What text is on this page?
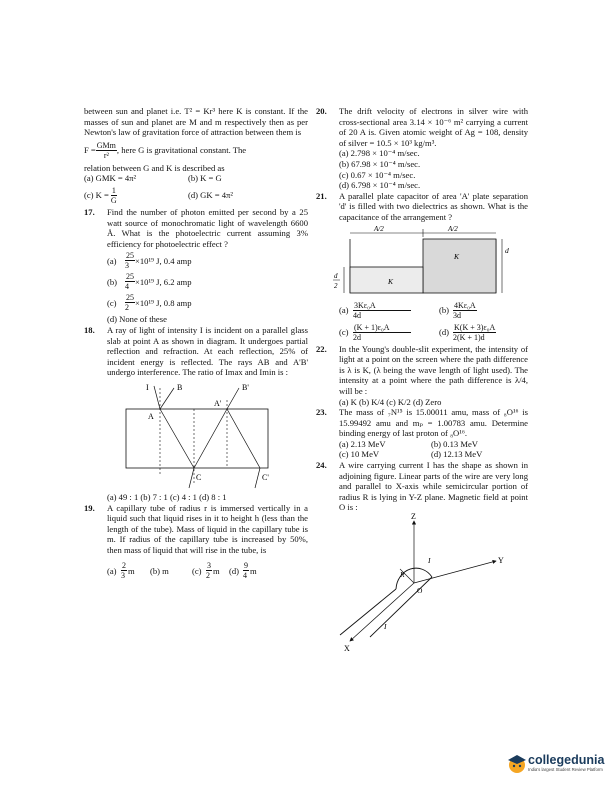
between sun and planet i.e. T² = Kr³ here K is constant. If the masses of sun and planet are M and m respectively then as per Newton's law of gravitation force of attraction between them is

$F = \frac{\text{GMm}}{\text{r²}}$ , here G is gravitational constant. The

relation between G and K is described as

(a) GMK = 4π²	(b) K = G
(c) $K = \frac{1}{G}$	(d) GK = 4π²
17.	Find the number of photon emitted per second by a 25 watt source of monochromatic light of wavelength 6600 Å. What is the photoelectric current assuming 3% efficiency for photoelectric effect ?
(a)	$\frac{25}{3} \times 10^{19}$ J, 0.4 amp
$(b) \frac{25}{4} \times 10^{19}$ J, 6.2 amp
(c)	$\frac{25}{2} \times 10^{19}$ J, 0.8 amp

(d) None of these

18.	A ray of light of intensity I is incident on a parallel glass slab at point A as shown in diagram. It undergoes partial reflection and refraction. At each reflection, 25% of incident energy is reflected. The rays AB and A'B' undergo interference. The ratio of Imax and Imin is :
I	B	B'
A
A'
C	C'

(a) 49 : 1 (b) 7 : 1 (c) 4 : 1 (d) 8 : 1

19.	A capillary tube of radius r is immersed vertically in a liquid such that liquid rises in it to height h (less than the length of the tube). Mass of liquid in the capillary tube is m. If radius of the capillary tube is increased by 50%, then mass of liquid that will rise in the tube, is
$(a) \frac{2}{3}$ m	(b) m	$(c) \frac{3}{2}$ m	$(d) \frac{9}{4}$ m
20.	The drift velocity of electrons in silver wire with cross-sectional area 3.14 × 10⁻⁶ m² carrying a current of 20 A is. Given atomic weight of Ag = 108, density of silver = 10.5 × 10³ kg/m³.

(a) 2.798 × 10⁻⁴ m/sec.

(b) 67.98 × 10⁻⁴ m/sec.

(c) 0.67 × 10⁻⁴ m/sec.

(d) 6.798 × 10⁻⁴ m/sec.

21.	A parallel plate capacitor of area 'A' plate separation 'd' is filled with two dielectrics as shown. What is the capacitance of the arrangement ?
A/2	A/2
K
K
d
d
2
$(a) \frac{\text{3Kε₀A}}{4d}$	$(b) \frac{\text{4Kε₀A}}{3d}$
$(c) \frac{\text{(K + 1)ε₀A}}{2d}$	$(d) \frac{\text{K(K + 3)ε₀A}}{2(K + 1)d}$
22.	In the Young's double-slit experiment, the intensity of light at a point on the screen where the path difference is λ is K, (λ being the wave length of light used). The intensity at a point where the path difference is λ/4, will be :

(a) K (b) K/4 (c) K/2 (d) Zero

23.	The mass of ₇N¹⁵ is 15.00011 amu, mass of ₈O¹⁶ is 15.99492 amu and mₚ = 1.00783 amu. Determine binding energy of last proton of ₈O¹⁶.
(a) 2.13 MeV	(b) 0.13 MeV
(c) 10 MeV	(d) 12.13 MeV
24.	A wire carrying current I has the shape as shown in adjoining figure. Linear parts of the wire are very long and parallel to X-axis while semicircular portion of radius R is lying in Y-Z plane. Magnetic field at point O is :
Z
Y
X
R
O
I
I
collegedunia
India's largest Student Review Platform
